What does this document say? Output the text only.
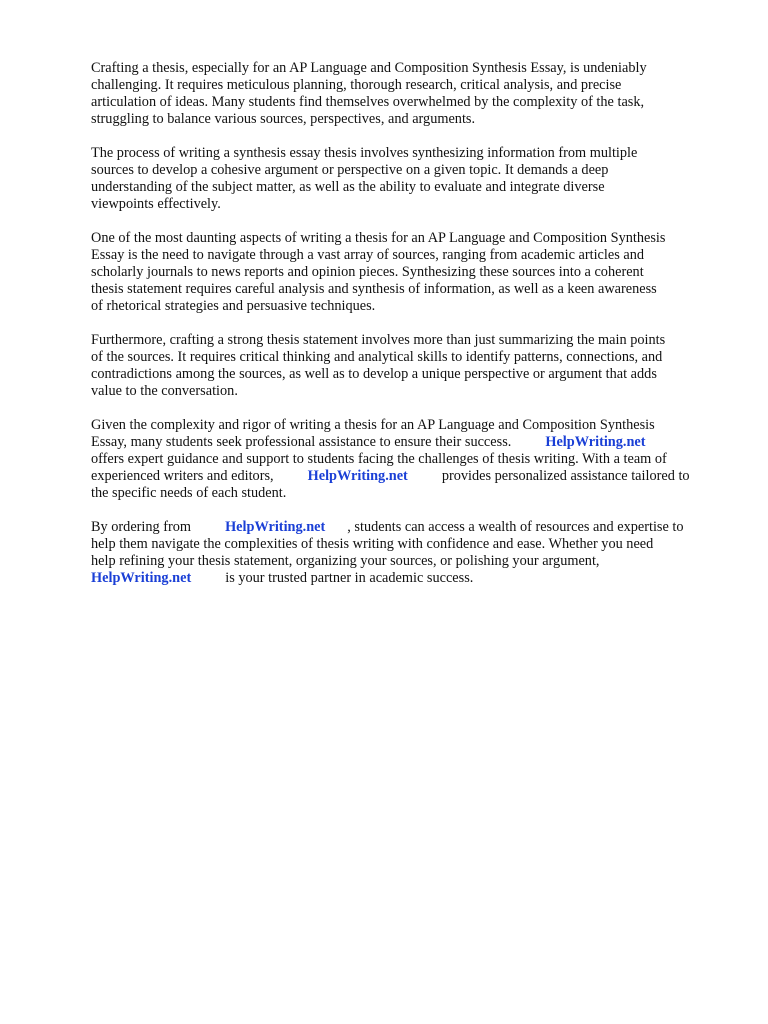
Crafting a thesis, especially for an AP Language and Composition Synthesis Essay, is undeniably
challenging. It requires meticulous planning, thorough research, critical analysis, and precise
articulation of ideas. Many students find themselves overwhelmed by the complexity of the task,
struggling to balance various sources, perspectives, and arguments.

The process of writing a synthesis essay thesis involves synthesizing information from multiple
sources to develop a cohesive argument or perspective on a given topic. It demands a deep
understanding of the subject matter, as well as the ability to evaluate and integrate diverse
viewpoints effectively.

One of the most daunting aspects of writing a thesis for an AP Language and Composition Synthesis
Essay is the need to navigate through a vast array of sources, ranging from academic articles and
scholarly journals to news reports and opinion pieces. Synthesizing these sources into a coherent
thesis statement requires careful analysis and synthesis of information, as well as a keen awareness
of rhetorical strategies and persuasive techniques.

Furthermore, crafting a strong thesis statement involves more than just summarizing the main points
of the sources. It requires critical thinking and analytical skills to identify patterns, connections, and
contradictions among the sources, as well as to develop a unique perspective or argument that adds
value to the conversation.

Given the complexity and rigor of writing a thesis for an AP Language and Composition Synthesis
Essay, many students seek professional assistance to ensure their success. HelpWriting.net
offers expert guidance and support to students facing the challenges of thesis writing. With a team of
experienced writers and editors, HelpWriting.net provides personalized assistance tailored to
the specific needs of each student.

By ordering from HelpWriting.net , students can access a wealth of resources and expertise to
help them navigate the complexities of thesis writing with confidence and ease. Whether you need
help refining your thesis statement, organizing your sources, or polishing your argument,
HelpWriting.net is your trusted partner in academic success.
